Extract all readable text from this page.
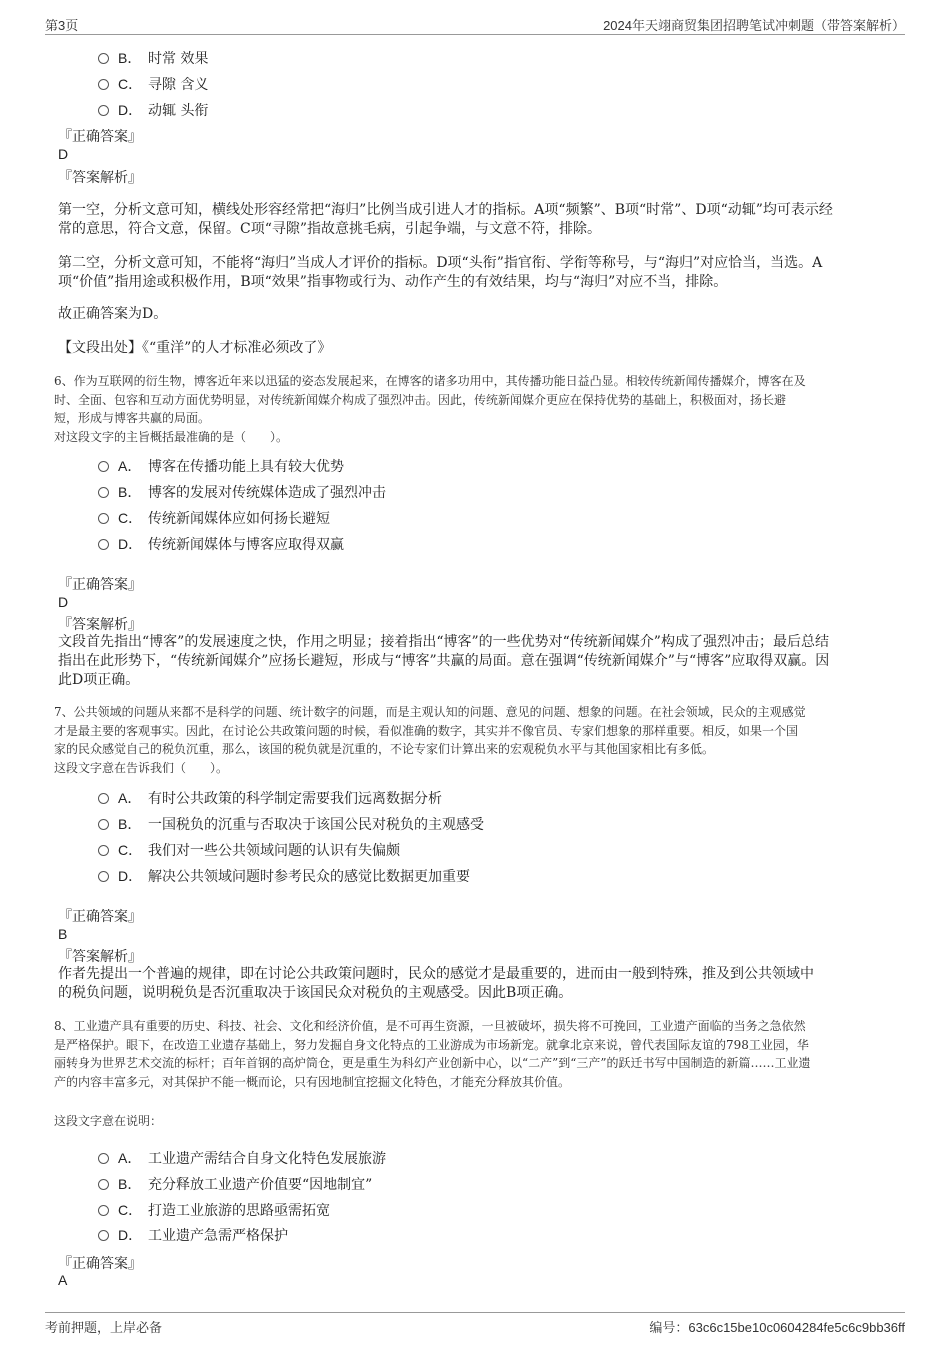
第3页	2024年天翊商贸集团招聘笔试冲刺题（带答案解析）
B． 时常 效果
C． 寻隙 含义
D． 动辄 头衔
『正确答案』
D
『答案解析』
第一空，分析文意可知，横线处形容经常把“海归”比例当成引进人才的指标。A项“频繁”、B项“时常”、D项“动辄”均可表示经
常的意思，符合文意，保留。C项“寻隙”指故意挑毛病，引起争端，与文意不符，排除。
第二空，分析文意可知，不能将“海归”当成人才评价的指标。D项“头衔”指官衔、学衔等称号，与“海归”对应恰当，当选。A
项“价值”指用途或积极作用，B项“效果”指事物或行为、动作产生的有效结果，均与“海归”对应不当，排除。
故正确答案为D。
【文段出处】《“重洋”的人才标准必须改了》
6、作为互联网的衍生物，博客近年来以迅猛的姿态发展起来，在博客的诸多功用中，其传播功能日益凸显。相较传统新闻传播媒介，博客在及
时、全面、包容和互动方面优势明显，对传统新闻媒介构成了强烈冲击。因此，传统新闻媒介更应在保持优势的基础上，积极面对，扬长避
短，形成与博客共赢的局面。
对这段文字的主旨概括最准确的是（　　）。
A． 博客在传播功能上具有较大优势
B． 博客的发展对传统媒体造成了强烈冲击
C． 传统新闻媒体应如何扬长避短
D． 传统新闻媒体与博客应取得双赢
『正确答案』
D
『答案解析』
文段首先指出“博客”的发展速度之快，作用之明显；接着指出“博客”的一些优势对“传统新闻媒介”构成了强烈冲击；最后总结
指出在此形势下，“传统新闻媒介”应扬长避短，形成与“博客”共赢的局面。意在强调“传统新闻媒介”与“博客”应取得双赢。因
此D项正确。
7、公共领域的问题从来都不是科学的问题、统计数字的问题，而是主观认知的问题、意见的问题、想象的问题。在社会领域，民众的主观感觉
才是最主要的客观事实。因此，在讨论公共政策问题的时候，看似准确的数字，其实并不像官员、专家们想象的那样重要。相反，如果一个国
家的民众感觉自己的税负沉重，那么，该国的税负就是沉重的，不论专家们计算出来的宏观税负水平与其他国家相比有多低。
这段文字意在告诉我们（　　）。
A． 有时公共政策的科学制定需要我们远离数据分析
B． 一国税负的沉重与否取决于该国公民对税负的主观感受
C． 我们对一些公共领域问题的认识有失偏颇
D． 解决公共领域问题时参考民众的感觉比数据更加重要
『正确答案』
B
『答案解析』
作者先提出一个普遍的规律，即在讨论公共政策问题时，民众的感觉才是最重要的，进而由一般到特殊，推及到公共领域中
的税负问题，说明税负是否沉重取决于该国民众对税负的主观感受。因此B项正确。
8、工业遗产具有重要的历史、科技、社会、文化和经济价值，是不可再生资源，一旦被破坏，损失将不可挽回，工业遗产面临的当务之急依然
是严格保护。眼下，在改造工业遗存基础上，努力发掘自身文化特点的工业游成为市场新宠。就拿北京来说，曾代表国际友谊的798工业园，华
丽转身为世界艺术交流的标杆；百年首钢的高炉筒仓，更是重生为科幻产业创新中心，以“二产”到“三产”的跃迁书写中国制造的新篇……工业遗
产的内容丰富多元，对其保护不能一概而论，只有因地制宜挖掘文化特色，才能充分释放其价值。
这段文字意在说明：
A． 工业遗产需结合自身文化特色发展旅游
B． 充分释放工业遗产价值要“因地制宜”
C． 打造工业旅游的思路亟需拓宽
D． 工业遗产急需严格保护
『正确答案』
A
考前押题，上岸必备	编号：63c6c15be10c0604284fe5c6c9bb36ff
